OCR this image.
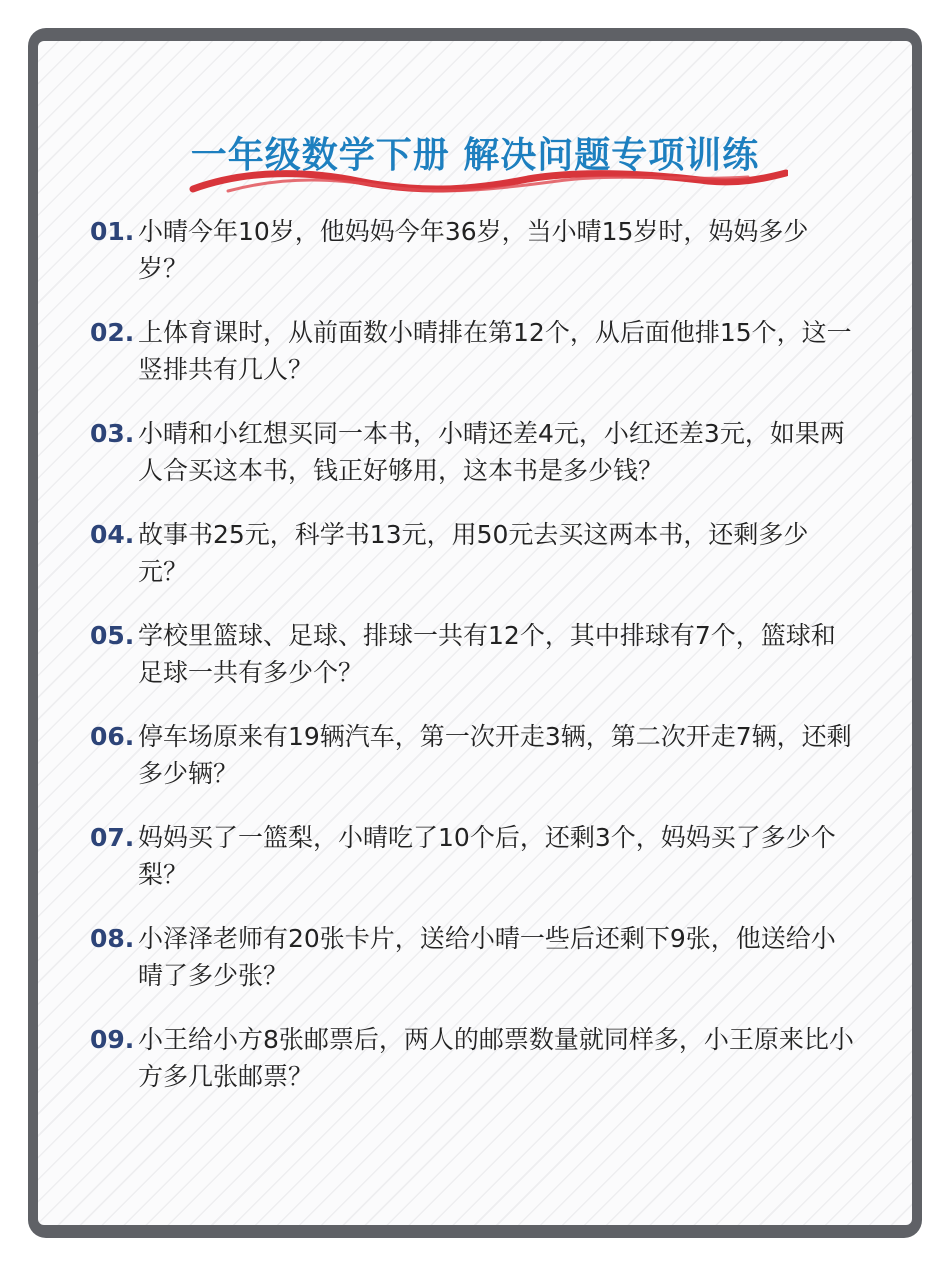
一年级数学下册 解决问题专项训练
01. 小晴今年10岁，他妈妈今年36岁，当小晴15岁时，妈妈多少岁？
02. 上体育课时，从前面数小晴排在第12个，从后面他排15个，这一竖排共有几人？
03. 小晴和小红想买同一本书，小晴还差4元，小红还差3元，如果两人合买这本书，钱正好够用，这本书是多少钱？
04. 故事书25元，科学书13元，用50元去买这两本书，还剩多少元？
05. 学校里篮球、足球、排球一共有12个，其中排球有7个，篮球和足球一共有多少个？
06. 停车场原来有19辆汽车，第一次开走3辆，第二次开走7辆，还剩多少辆？
07. 妈妈买了一篮梨，小晴吃了10个后，还剩3个，妈妈买了多少个梨？
08. 小泽泽老师有20张卡片，送给小晴一些后还剩下9张，他送给小晴了多少张？
09. 小王给小方8张邮票后，两人的邮票数量就同样多，小王原来比小方多几张邮票？
